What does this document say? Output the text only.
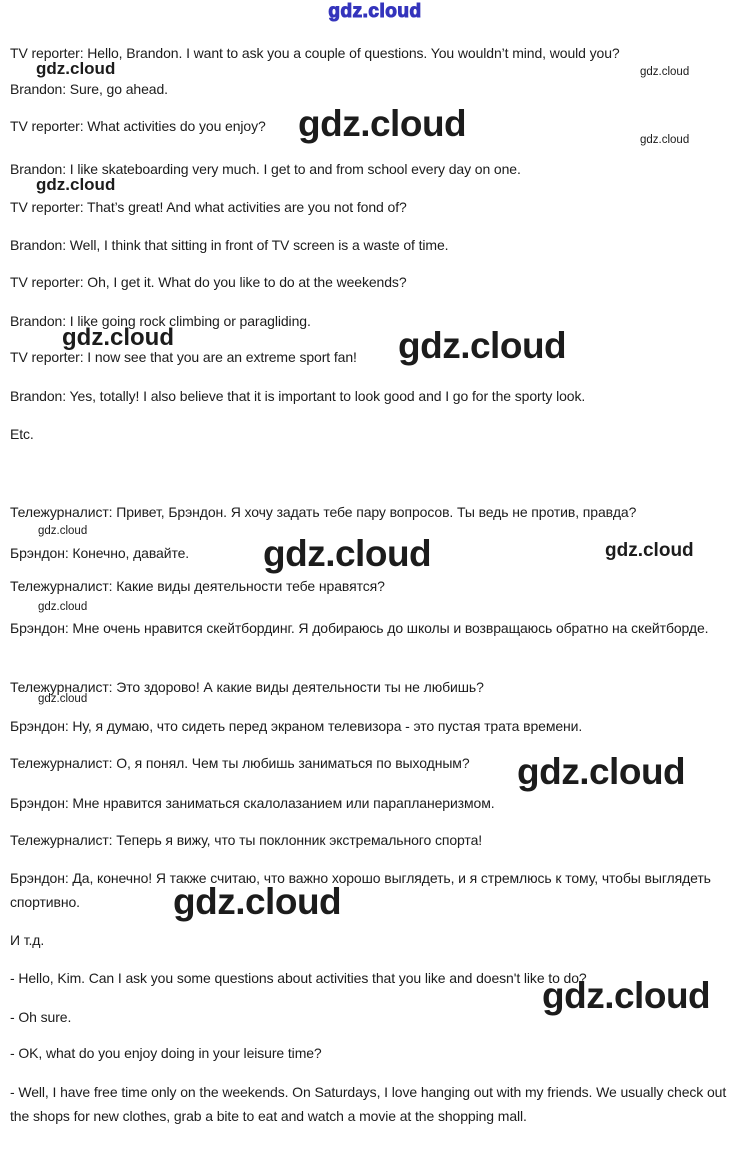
gdz.cloud
gdz.cloud	gdz.cloud
gdz.cloud	gdz.cloud
gdz.cloud
gdz.cloud	gdz.cloud
gdz.cloud
gdz.cloud	gdz.cloud
gdz.cloud
gdz.cloud
gdz.cloud
gdz.cloud
gdz.cloud

TV reporter: Hello, Brandon. I want to ask you a couple of questions. You wouldn’t mind, would you?

Brandon: Sure, go ahead.

TV reporter: What activities do you enjoy?

Brandon: I like skateboarding very much. I get to and from school every day on one.

TV reporter: That’s great! And what activities are you not fond of?

Brandon: Well, I think that sitting in front of TV screen is a waste of time.

TV reporter: Oh, I get it. What do you like to do at the weekends?

Brandon: I like going rock climbing or paragliding.

TV reporter: I now see that you are an extreme sport fan!

Brandon: Yes, totally! I also believe that it is important to look good and I go for the sporty look.

Etc.

Тележурналист: Привет, Брэндон. Я хочу задать тебе пару вопросов. Ты ведь не против, правда?

Брэндон: Конечно, давайте.

Тележурналист: Какие виды деятельности тебе нравятся?

Брэндон: Мне очень нравится скейтбординг. Я добираюсь до школы и возвращаюсь обратно на скейтборде.

Тележурналист: Это здорово! А какие виды деятельности ты не любишь?

Брэндон: Ну, я думаю, что сидеть перед экраном телевизора - это пустая трата времени.

Тележурналист: О, я понял. Чем ты любишь заниматься по выходным?

Брэндон: Мне нравится заниматься скалолазанием или парапланеризмом.

Тележурналист: Теперь я вижу, что ты поклонник экстремального спорта!

Брэндон: Да, конечно! Я также считаю, что важно хорошо выглядеть, и я стремлюсь к тому, чтобы выглядеть спортивно.

И т.д.

- Hello, Kim. Can I ask you some questions about activities that you like and doesn't like to do?

- Oh sure.

- OK, what do you enjoy doing in your leisure time?

- Well, I have free time only on the weekends. On Saturdays, I love hanging out with my friends. We usually check out the shops for new clothes, grab a bite to eat and watch a movie at the shopping mall.
